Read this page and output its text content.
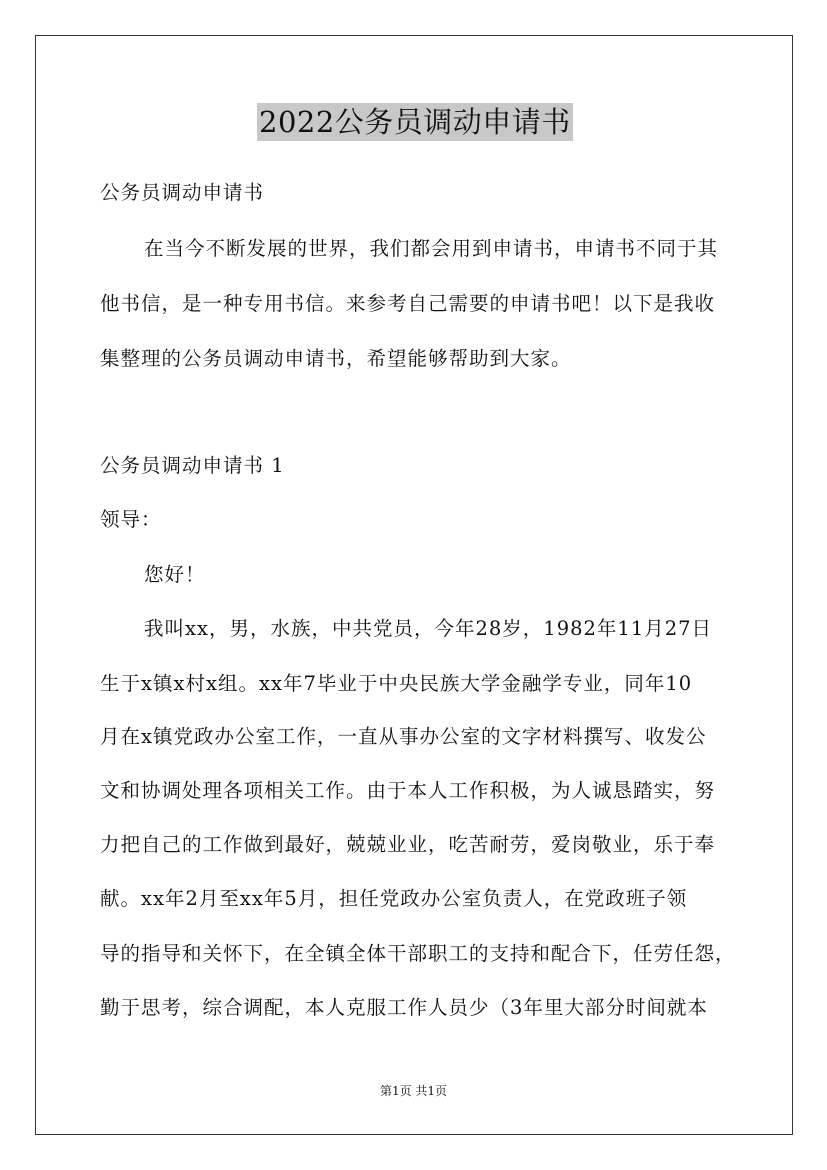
2022公务员调动申请书
公务员调动申请书
在当今不断发展的世界，我们都会用到申请书，申请书不同于其
他书信，是一种专用书信。来参考自己需要的申请书吧！以下是我收
集整理的公务员调动申请书，希望能够帮助到大家。
公务员调动申请书 1
领导：
您好！
我叫xx，男，水族，中共党员，今年28岁，1982年11月27日
生于x镇x村x组。xx年7毕业于中央民族大学金融学专业，同年10
月在x镇党政办公室工作，一直从事办公室的文字材料撰写、收发公
文和协调处理各项相关工作。由于本人工作积极，为人诚恳踏实，努
力把自己的工作做到最好，兢兢业业，吃苦耐劳，爱岗敬业，乐于奉
献。xx年2月至xx年5月，担任党政办公室负责人，在党政班子领
导的指导和关怀下，在全镇全体干部职工的支持和配合下，任劳任怨，
勤于思考，综合调配，本人克服工作人员少（3年里大部分时间就本
第1页 共1页
